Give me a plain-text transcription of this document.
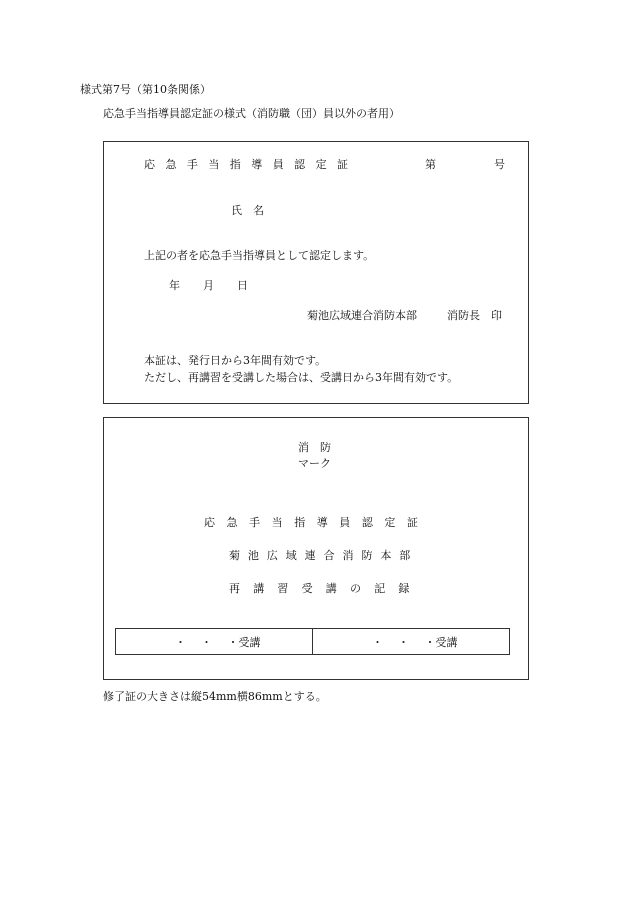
様式第7号（第10条関係）
応急手当指導員認定証の様式（消防職（団）員以外の者用）
応急手当指導員認定証	第	号
氏　名
上記の者を応急手当指導員として認定します。
年 月 日
菊池広域連合消防本部	消防長　印
本証は、発行日から3年間有効です。
ただし、再講習を受講した場合は、受講日から3年間有効です。
消　防
マーク
応急手当指導員認定証
菊池広域連合消防本部
再講習受講の記録
・	・	・受講	・	・	・受講
修了証の大きさは縦54mm横86mmとする。
